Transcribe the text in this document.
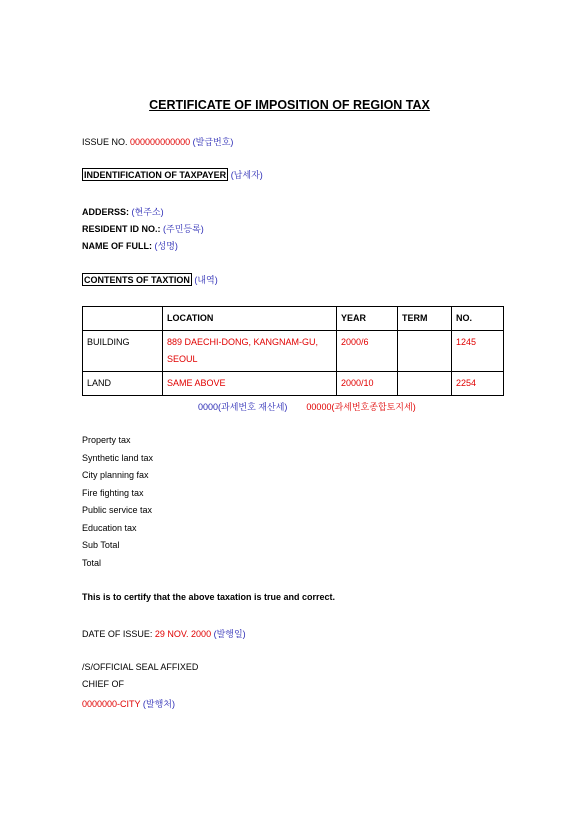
CERTIFICATE OF IMPOSITION OF REGION TAX
ISSUE NO. 000000000000 (발급번호)
INDENTIFICATION OF TAXPAYER (납세자)
ADDERSS: (현주소)
RESIDENT ID NO.: (주민등록)
NAME OF FULL: (성명)
CONTENTS OF TAXTION (내역)
	LOCATION	YEAR	TERM	NO.
BUILDING	889 DAECHI-DONG, KANGNAM-GU, SEOUL	2000/6		1245
LAND	SAME ABOVE	2000/10		2254
0000(과세번호 재산세) 00000(과세번호종합토지세)
Property tax
Synthetic land tax
City planning fax
Fire fighting tax
Public service tax
Education tax
Sub Total
Total
This is to certify that the above taxation is true and correct.
DATE OF ISSUE: 29 NOV. 2000 (발행일)
/S/OFFICIAL SEAL AFFIXED
CHIEF OF
0000000-CITY (발행처)
